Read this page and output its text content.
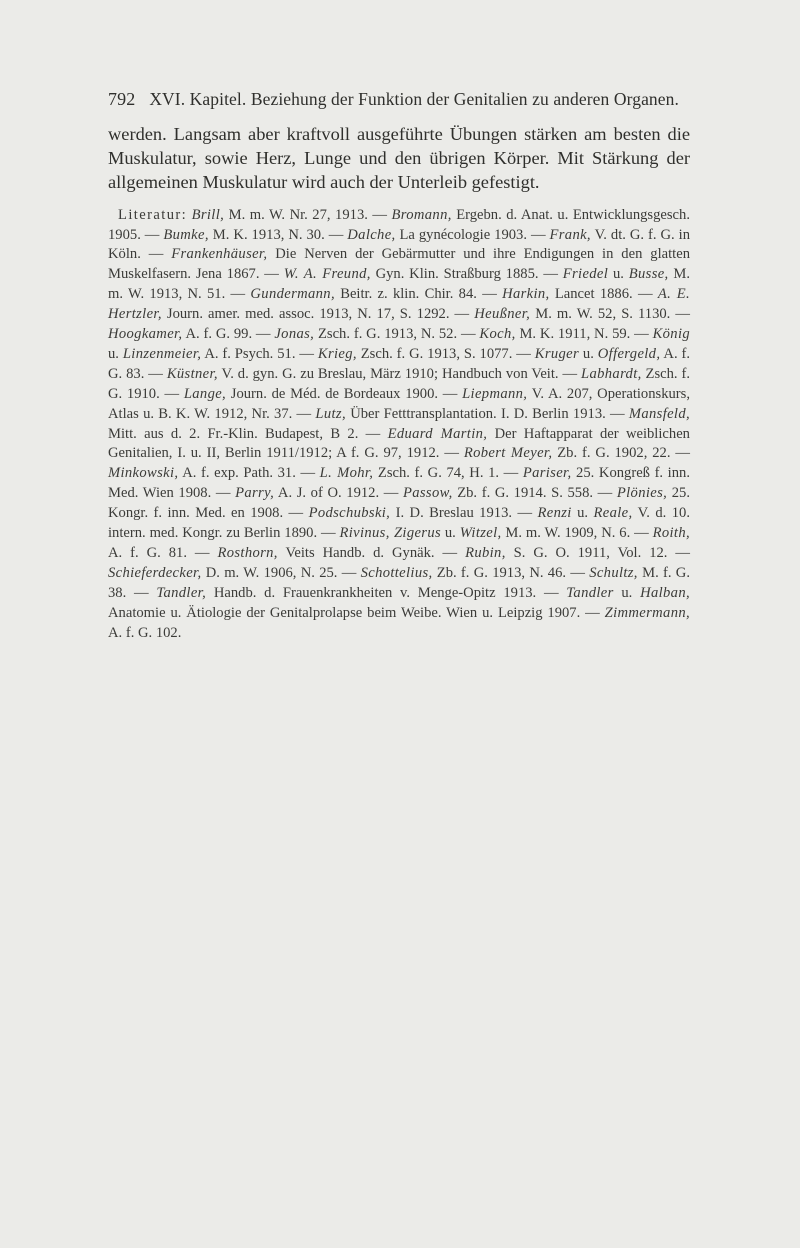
792 XVI. Kapitel. Beziehung der Funktion der Genitalien zu anderen Organen.

werden. Langsam aber kraftvoll ausgeführte Übungen stärken am besten die Muskulatur, sowie Herz, Lunge und den übrigen Körper. Mit Stärkung der allgemeinen Muskulatur wird auch der Unterleib gefestigt.

Literatur: Brill, M. m. W. Nr. 27, 1913. — Bromann, Ergebn. d. Anat. u. Entwicklungsgesch. 1905. — Bumke, M. K. 1913, N. 30. — Dalche, La gynécologie 1903. — Frank, V. dt. G. f. G. in Köln. — Frankenhäuser, Die Nerven der Gebärmutter und ihre Endigungen in den glatten Muskelfasern. Jena 1867. — W. A. Freund, Gyn. Klin. Straßburg 1885. — Friedel u. Busse, M. m. W. 1913, N. 51. — Gundermann, Beitr. z. klin. Chir. 84. — Harkin, Lancet 1886. — A. E. Hertzler, Journ. amer. med. assoc. 1913, N. 17, S. 1292. — Heußner, M. m. W. 52, S. 1130. — Hoogkamer, A. f. G. 99. — Jonas, Zsch. f. G. 1913, N. 52. — Koch, M. K. 1911, N. 59. — König u. Linzenmeier, A. f. Psych. 51. — Krieg, Zsch. f. G. 1913, S. 1077. — Kruger u. Offergeld, A. f. G. 83. — Küstner, V. d. gyn. G. zu Breslau, März 1910; Handbuch von Veit. — Labhardt, Zsch. f. G. 1910. — Lange, Journ. de Méd. de Bordeaux 1900. — Liepmann, V. A. 207, Operationskurs, Atlas u. B. K. W. 1912, Nr. 37. — Lutz, Über Fetttransplantation. I. D. Berlin 1913. — Mansfeld, Mitt. aus d. 2. Fr.-Klin. Budapest, B 2. — Eduard Martin, Der Haftapparat der weiblichen Genitalien, I. u. II, Berlin 1911/1912; A f. G. 97, 1912. — Robert Meyer, Zb. f. G. 1902, 22. — Minkowski, A. f. exp. Path. 31. — L. Mohr, Zsch. f. G. 74, H. 1. — Pariser, 25. Kongreß f. inn. Med. Wien 1908. — Parry, A. J. of O. 1912. — Passow, Zb. f. G. 1914. S. 558. — Plönies, 25. Kongr. f. inn. Med. en 1908. — Podschubski, I. D. Breslau 1913. — Renzi u. Reale, V. d. 10. intern. med. Kongr. zu Berlin 1890. — Rivinus, Zigerus u. Witzel, M. m. W. 1909, N. 6. — Roith, A. f. G. 81. — Rosthorn, Veits Handb. d. Gynäk. — Rubin, S. G. O. 1911, Vol. 12. — Schieferdecker, D. m. W. 1906, N. 25. — Schottelius, Zb. f. G. 1913, N. 46. — Schultz, M. f. G. 38. — Tandler, Handb. d. Frauenkrankheiten v. Menge-Opitz 1913. — Tandler u. Halban, Anatomie u. Ätiologie der Genitalprolapse beim Weibe. Wien u. Leipzig 1907. — Zimmermann, A. f. G. 102.
